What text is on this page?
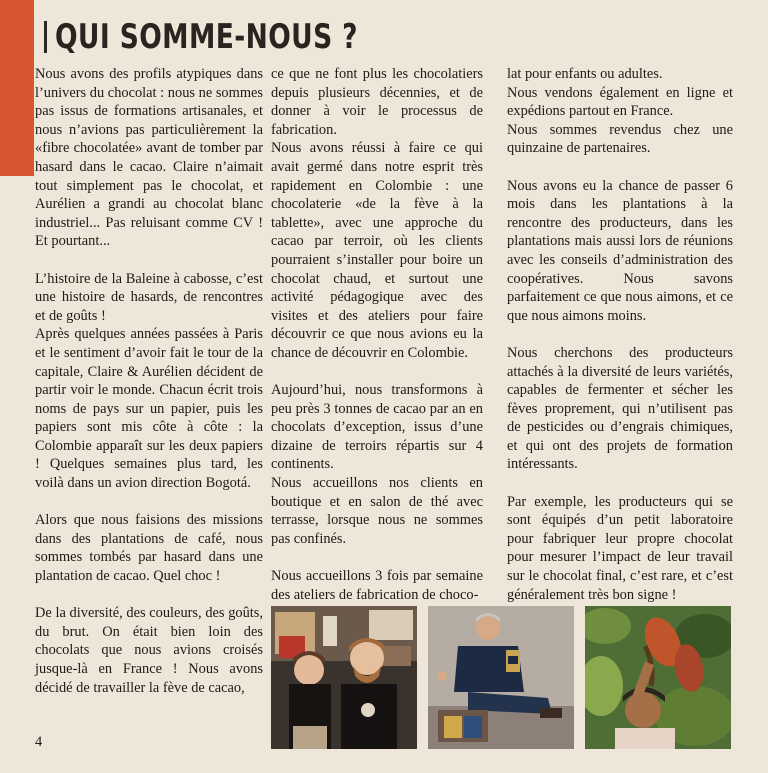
QUI SOMME-NOUS ?

Nous avons des profils atypiques dans l’univers du chocolat : nous ne sommes pas issus de formations artisanales, et nous n’avions pas particulièrement la «fibre chocolatée» avant de tomber par hasard dans le cacao. Claire n’aimait tout simplement pas le chocolat, et Aurélien a grandi au chocolat blanc industriel... Pas reluisant comme CV ! Et pourtant...

L’histoire de la Baleine à cabosse, c’est une histoire de hasards, de rencontres et de goûts !

Après quelques années passées à Paris et le sentiment d’avoir fait le tour de la capitale, Claire & Aurélien décident de partir voir le monde. Chacun écrit trois noms de pays sur un papier, puis les papiers sont mis côte à côte : la Colombie apparaît sur les deux papiers ! Quelques semaines plus tard, les voilà dans un avion direction Bogotá.

Alors que nous faisions des missions dans des plantations de café, nous sommes tombés par hasard dans une plantation de cacao. Quel choc !

De la diversité, des couleurs, des goûts, du brut. On était bien loin des chocolats que nous avions croisés jusque-là en France ! Nous avons décidé de travailler la fève de cacao,

4

ce que ne font plus les chocolatiers depuis plusieurs décennies, et de donner à voir le processus de fabrication.

Nous avons réussi à faire ce qui avait germé dans notre esprit très rapidement en Colombie : une chocolaterie «de la fève à la tablette», avec une approche du cacao par terroir, où les clients pourraient s’installer pour boire un chocolat chaud, et surtout une activité pédagogique avec des visites et des ateliers pour faire découvrir ce que nous avions eu la chance de découvrir en Colombie.

Aujourd’hui, nous transformons à peu près 3 tonnes de cacao par an en chocolats d’exception, issus d’une dizaine de terroirs répartis sur 4 continents.

Nous accueillons nos clients en boutique et en salon de thé avec terrasse, lorsque nous ne sommes pas confinés.

Nous accueillons 3 fois par semaine des ateliers de fabrication de choco-

lat pour enfants ou adultes.

Nous vendons également en ligne et expédions partout en France.

Nous sommes revendus chez une quinzaine de partenaires.

Nous avons eu la chance de passer 6 mois dans les plantations à la rencontre des producteurs, dans les plantations mais aussi lors de réunions avec les conseils d’administration des coopératives. Nous savons parfaitement ce que nous aimons, et ce que nous aimons moins.

Nous cherchons des producteurs attachés à la diversité de leurs variétés, capables de fermenter et sécher les fèves proprement, qui n’utilisent pas de pesticides ou d’engrais chimiques, et qui ont des projets de formation intéressants.

Par exemple, les producteurs qui se sont équipés d’un petit laboratoire pour fabriquer leur propre chocolat pour mesurer l’impact de leur travail sur le chocolat final, c’est rare, et c’est généralement très bon signe !
